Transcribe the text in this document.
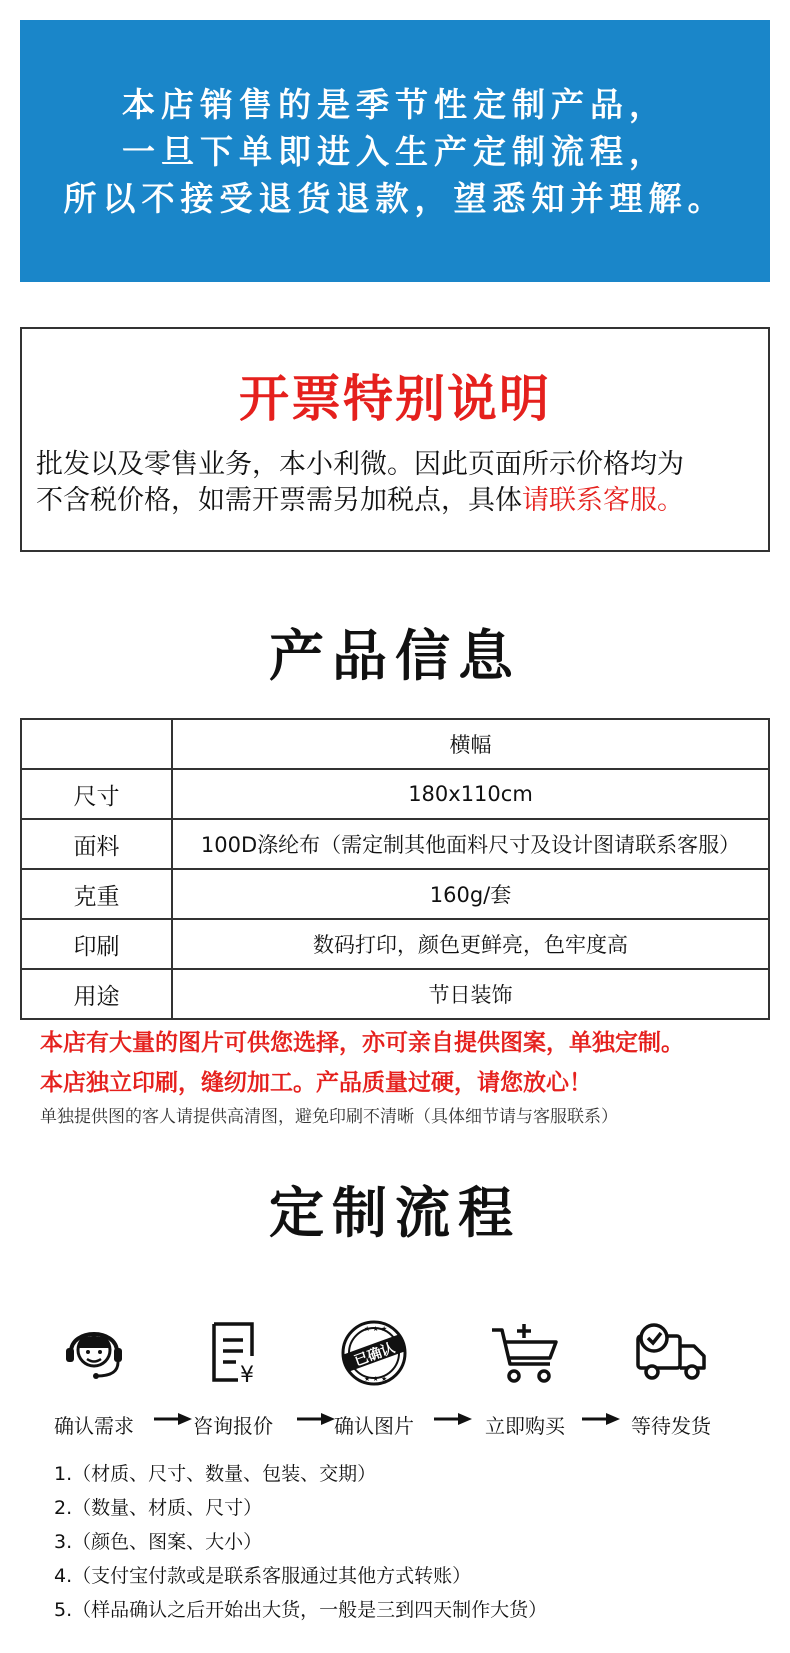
本店销售的是季节性定制产品，
一旦下单即进入生产定制流程，
所以不接受退货退款，望悉知并理解。
开票特别说明
批发以及零售业务，本小利微。因此页面所示价格均为
不含税价格，如需开票需另加税点，具体请联系客服。
产品信息
	横幅
尺寸	180x110cm
面料	100D涤纶布（需定制其他面料尺寸及设计图请联系客服）
克重	160g/套
印刷	数码打印，颜色更鲜亮，色牢度高
用途	节日装饰
本店有大量的图片可供您选择，亦可亲自提供图案，单独定制。
本店独立印刷，缝纫加工。产品质量过硬，请您放心！
单独提供图的客人请提供高清图，避免印刷不清晰（具体细节请与客服联系）
定制流程
确认需求
¥
咨询报价
★ ★ ★
★ ★ ★
已确认
确认图片	立即购买	等待发货
1.（材质、尺寸、数量、包装、交期）
2.（数量、材质、尺寸）
3.（颜色、图案、大小）
4.（支付宝付款或是联系客服通过其他方式转账）
5.（样品确认之后开始出大货，一般是三到四天制作大货）
